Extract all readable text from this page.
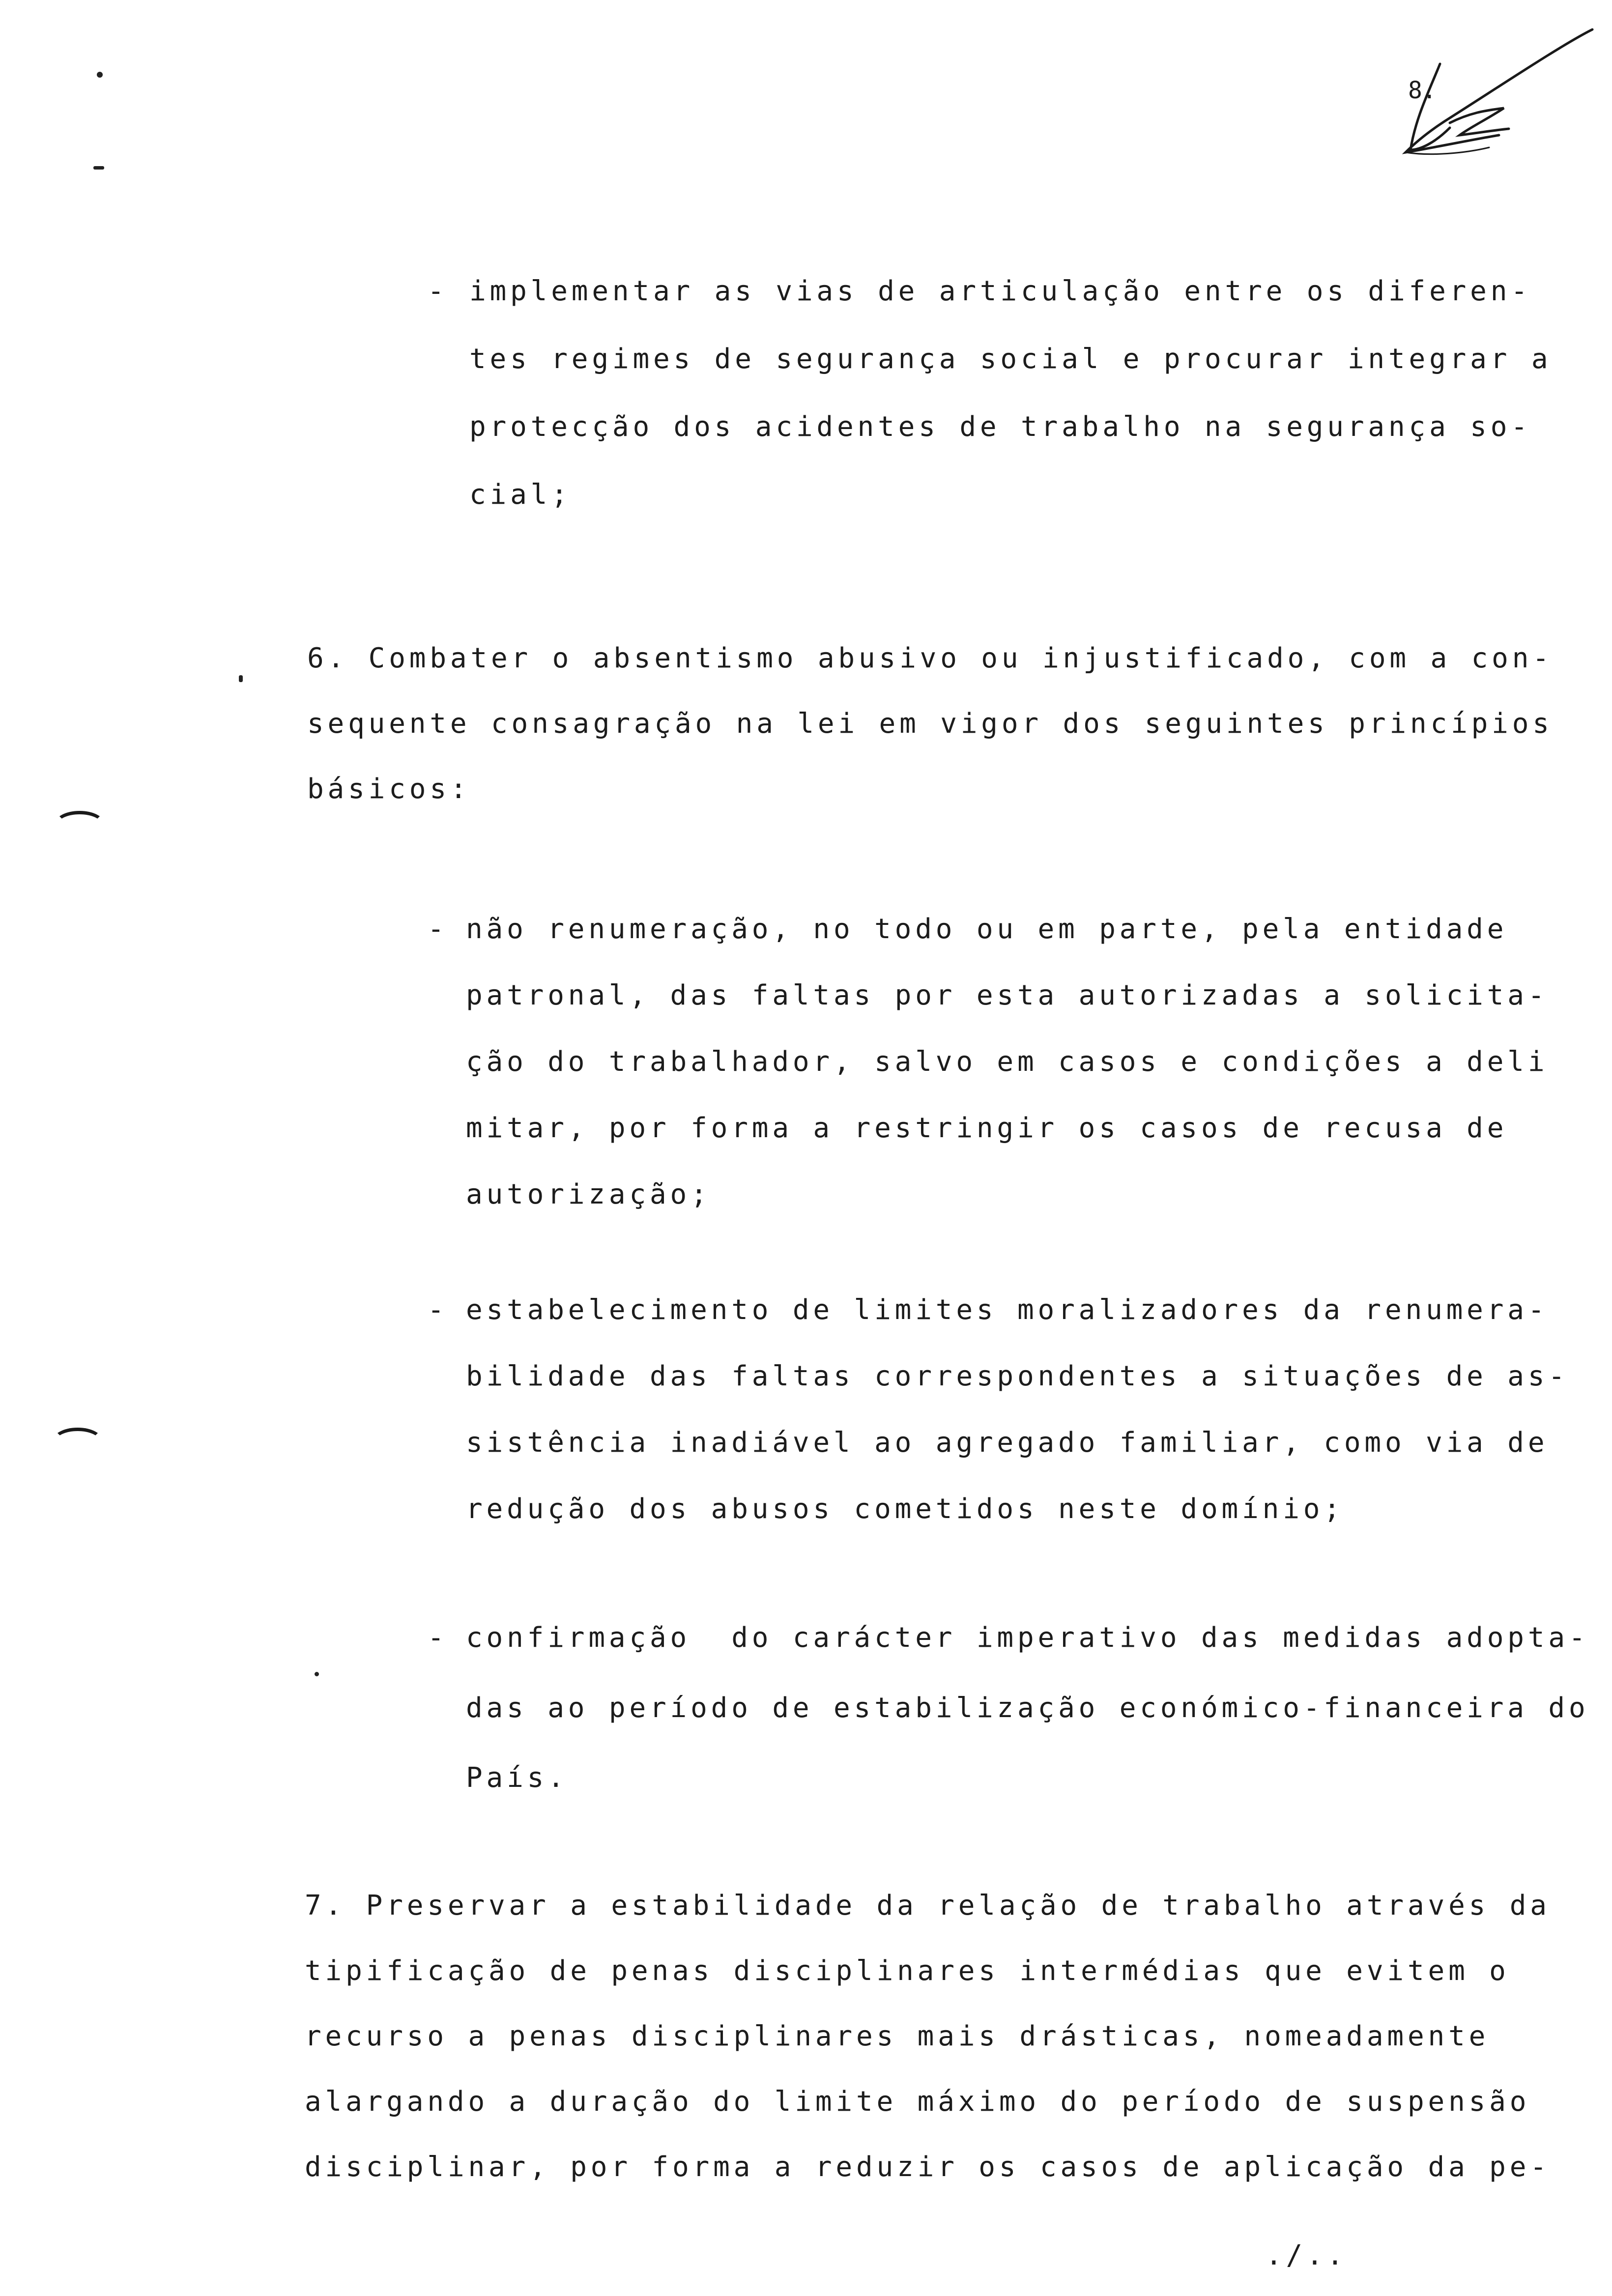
8.
- implementar as vias de articulação entre os diferen-
tes regimes de segurança social e procurar integrar a
protecção dos acidentes de trabalho na segurança so-
cial;
6. Combater o absentismo abusivo ou injustificado, com a con-
sequente consagração na lei em vigor dos seguintes princípios
básicos:
- não renumeração, no todo ou em parte, pela entidade
patronal, das faltas por esta autorizadas a solicita-
ção do trabalhador, salvo em casos e condições a deli
mitar, por forma a restringir os casos de recusa de
autorização;
- estabelecimento de limites moralizadores da renumera-
bilidade das faltas correspondentes a situações de as-
sistência inadiável ao agregado familiar, como via de
redução dos abusos cometidos neste domínio;
- confirmação  do carácter imperativo das medidas adopta-
das ao período de estabilização económico-financeira do
País.
7. Preservar a estabilidade da relação de trabalho através da
tipificação de penas disciplinares intermédias que evitem o
recurso a penas disciplinares mais drásticas, nomeadamente
alargando a duração do limite máximo do período de suspensão
disciplinar, por forma a reduzir os casos de aplicação da pe-
./..
